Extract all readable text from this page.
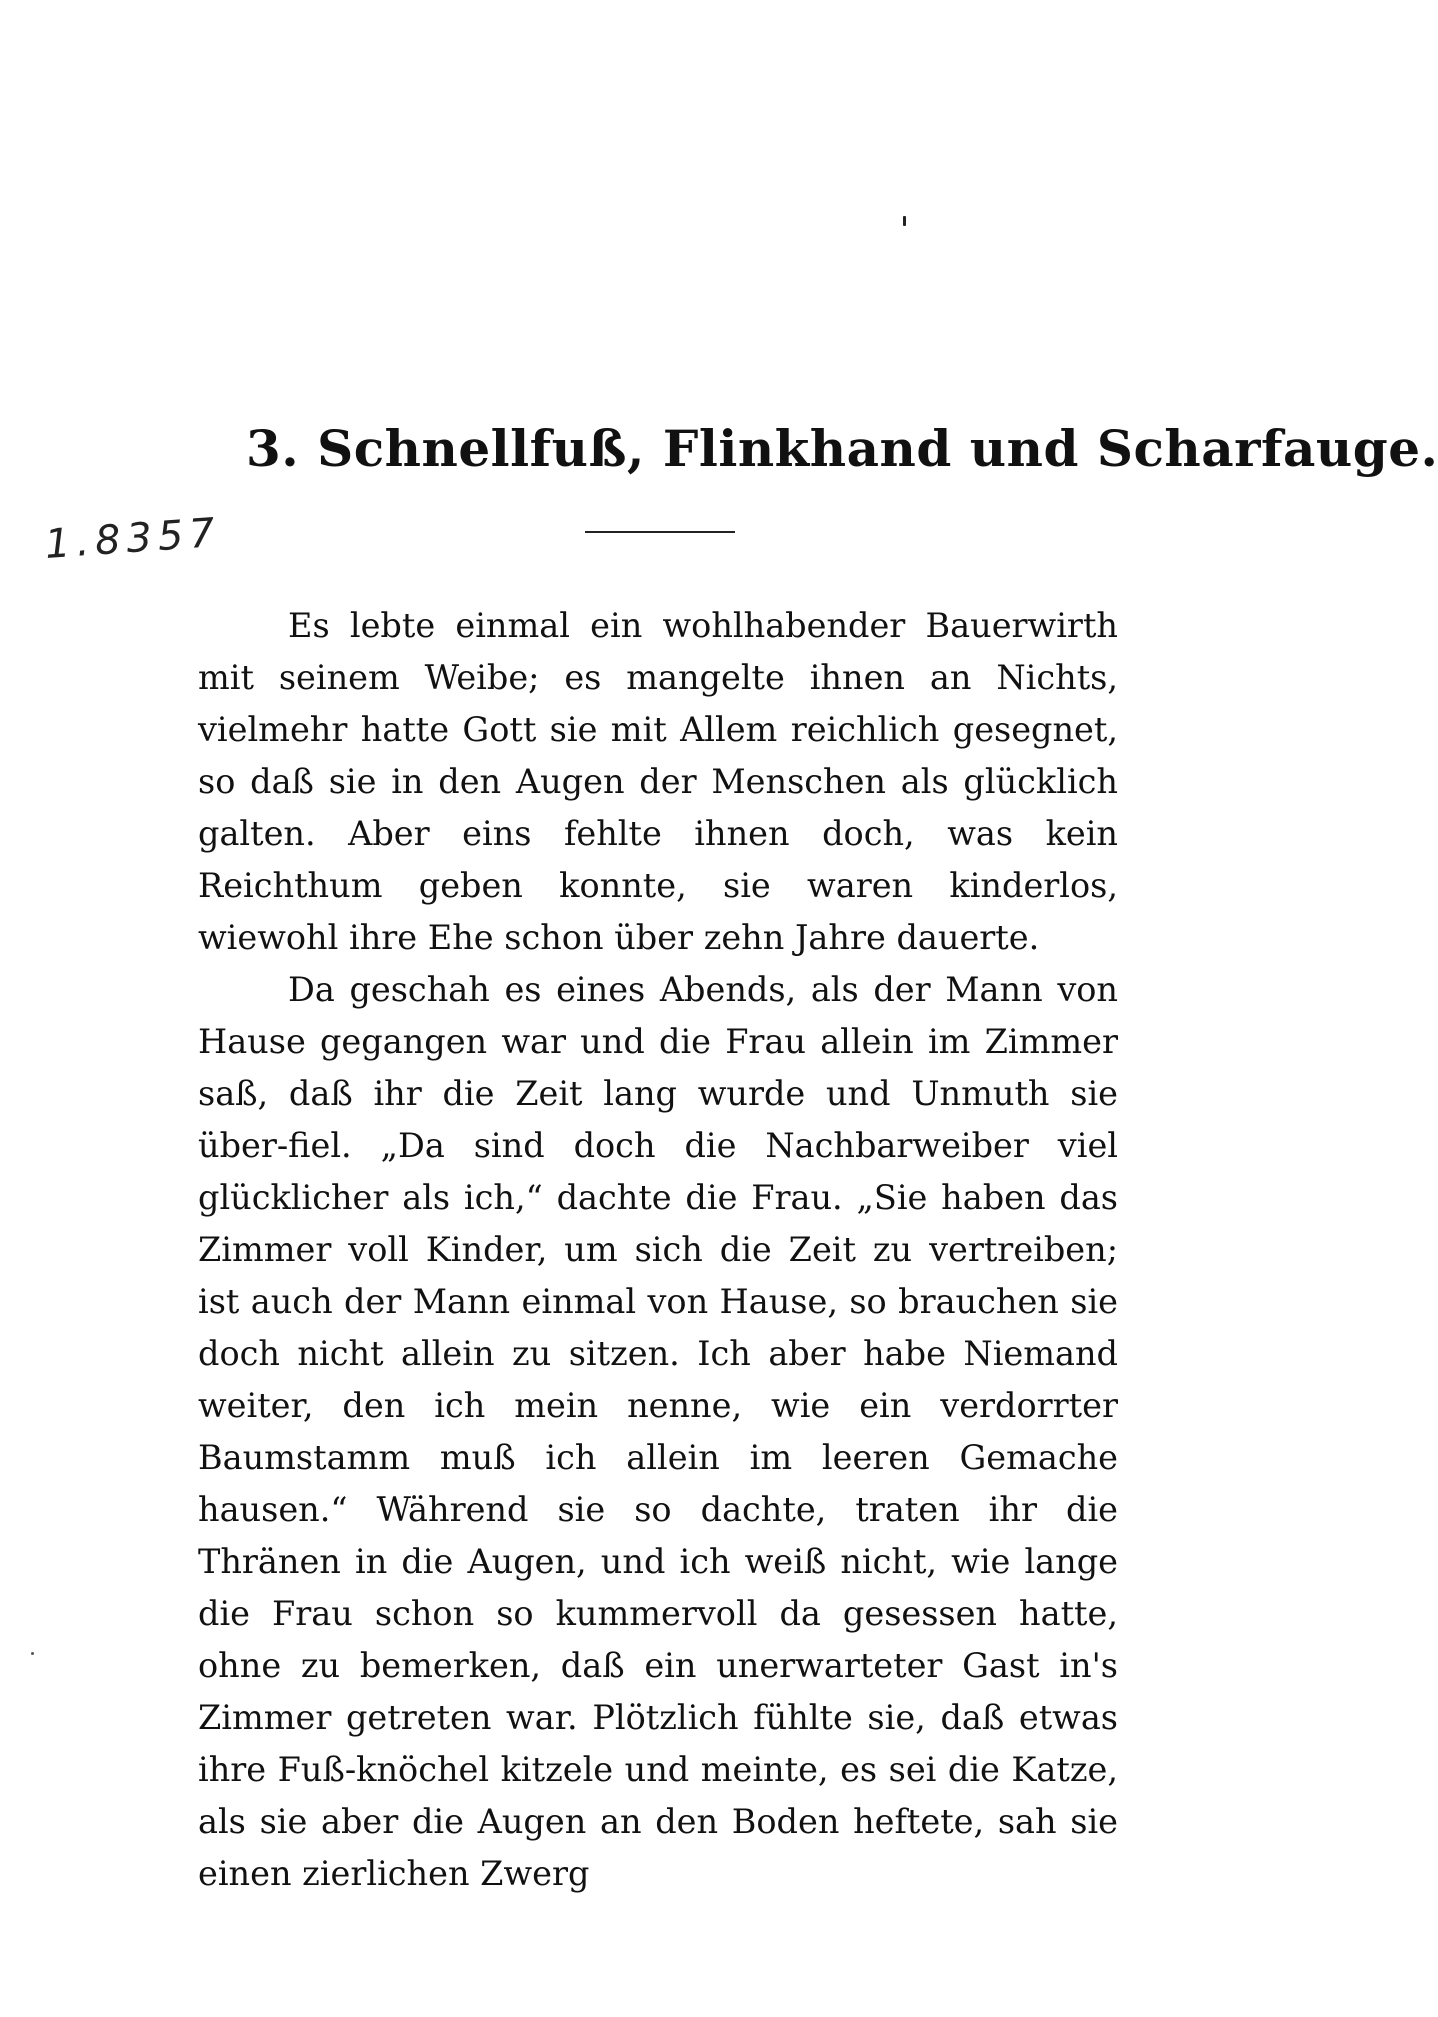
3. Schnellfuß, Flinkhand und Scharfauge.
1.8357

Es lebte einmal ein wohlhabender Bauerwirth mit seinem Weibe; es mangelte ihnen an Nichts, vielmehr hatte Gott sie mit Allem reichlich gesegnet, so daß sie in den Augen der Menschen als glücklich galten. Aber eins fehlte ihnen doch, was kein Reichthum geben konnte, sie waren kinderlos, wiewohl ihre Ehe schon über zehn Jahre dauerte.

Da geschah es eines Abends, als der Mann von Hause gegangen war und die Frau allein im Zimmer saß, daß ihr die Zeit lang wurde und Unmuth sie über-fiel. „Da sind doch die Nachbarweiber viel glücklicher als ich,“ dachte die Frau. „Sie haben das Zimmer voll Kinder, um sich die Zeit zu vertreiben; ist auch der Mann einmal von Hause, so brauchen sie doch nicht allein zu sitzen. Ich aber habe Niemand weiter, den ich mein nenne, wie ein verdorrter Baumstamm muß ich allein im leeren Gemache hausen.“ Während sie so dachte, traten ihr die Thränen in die Augen, und ich weiß nicht, wie lange die Frau schon so kummervoll da gesessen hatte, ohne zu bemerken, daß ein unerwarteter Gast in's Zimmer getreten war. Plötzlich fühlte sie, daß etwas ihre Fuß-knöchel kitzele und meinte, es sei die Katze, als sie aber die Augen an den Boden heftete, sah sie einen zierlichen Zwerg
